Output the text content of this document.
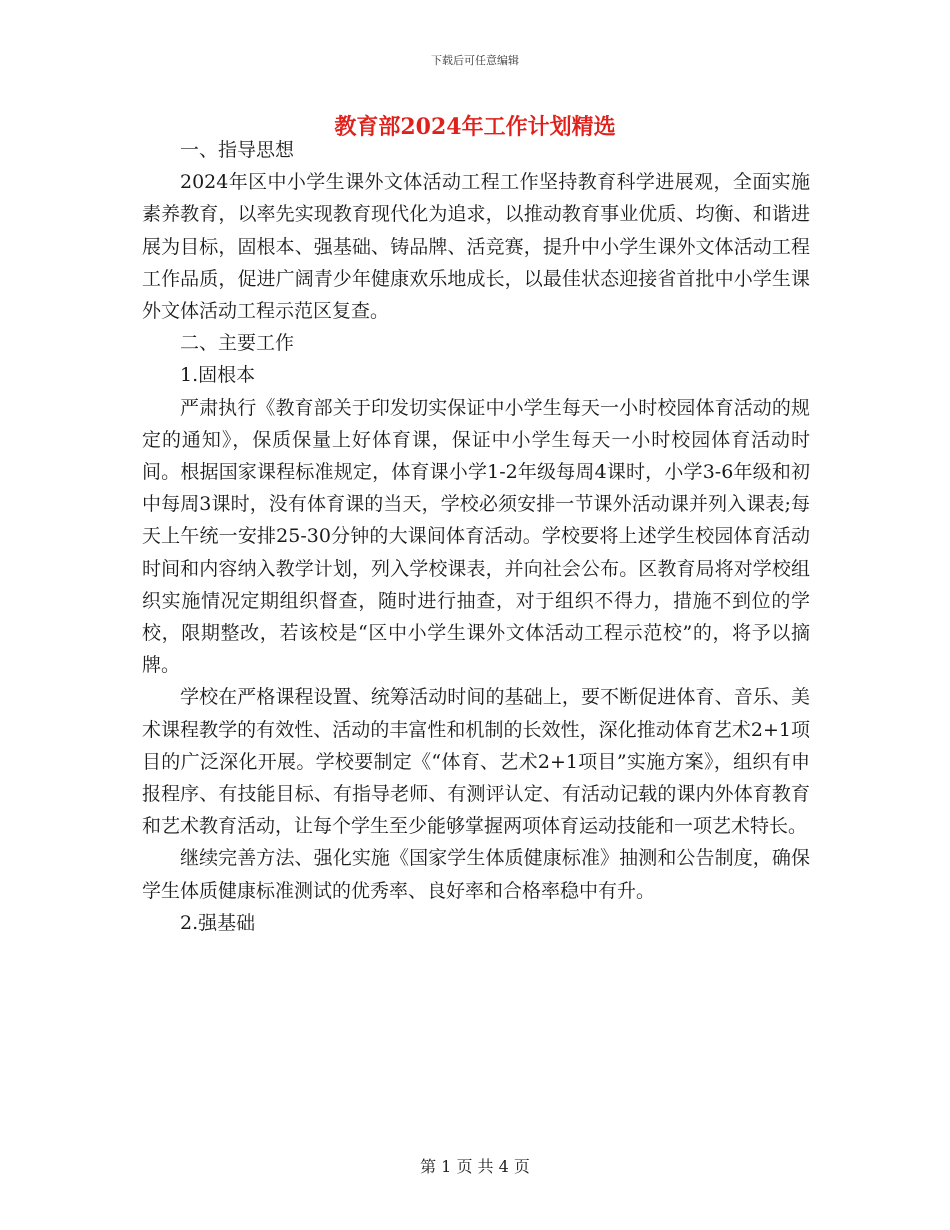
下载后可任意编辑
教育部2024年工作计划精选

一、指导思想

2024年区中小学生课外文体活动工程工作坚持教育科学进展观，全面实施素养教育，以率先实现教育现代化为追求，以推动教育事业优质、均衡、和谐进展为目标，固根本、强基础、铸品牌、活竞赛，提升中小学生课外文体活动工程工作品质，促进广阔青少年健康欢乐地成长，以最佳状态迎接省首批中小学生课外文体活动工程示范区复查。

二、主要工作

1.固根本

严肃执行《教育部关于印发切实保证中小学生每天一小时校园体育活动的规定的通知》，保质保量上好体育课，保证中小学生每天一小时校园体育活动时间。根据国家课程标准规定，体育课小学1-2年级每周4课时，小学3-6年级和初中每周3课时，没有体育课的当天，学校必须安排一节课外活动课并列入课表;每天上午统一安排25-30分钟的大课间体育活动。学校要将上述学生校园体育活动时间和内容纳入教学计划，列入学校课表，并向社会公布。区教育局将对学校组织实施情况定期组织督查，随时进行抽查，对于组织不得力，措施不到位的学校，限期整改，若该校是“区中小学生课外文体活动工程示范校”的，将予以摘牌。

学校在严格课程设置、统筹活动时间的基础上，要不断促进体育、音乐、美术课程教学的有效性、活动的丰富性和机制的长效性，深化推动体育艺术2+1项目的广泛深化开展。学校要制定《“体育、艺术2+1项目”实施方案》，组织有申报程序、有技能目标、有指导老师、有测评认定、有活动记载的课内外体育教育和艺术教育活动，让每个学生至少能够掌握两项体育运动技能和一项艺术特长。

继续完善方法、强化实施《国家学生体质健康标准》抽测和公告制度，确保学生体质健康标准测试的优秀率、良好率和合格率稳中有升。

2.强基础

第 1 页 共 4 页
